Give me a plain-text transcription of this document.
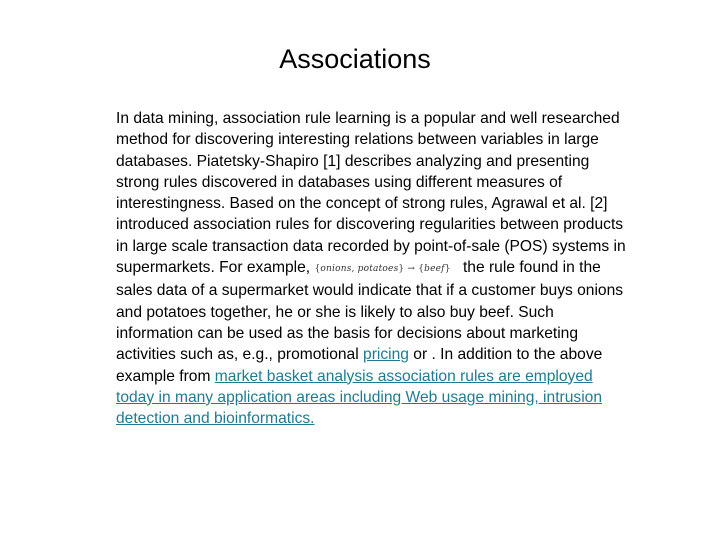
Associations
In data mining, association rule learning is a popular and well researched
method for discovering interesting relations between variables in large
databases. Piatetsky-Shapiro [1] describes analyzing and presenting
strong rules discovered in databases using different measures of
interestingness. Based on the concept of strong rules, Agrawal et al. [2]
introduced association rules for discovering regularities between products
in large scale transaction data recorded by point-of-sale (POS) systems in
supermarkets. For example, {onions, potatoes} → {beef} the rule found in the
sales data of a supermarket would indicate that if a customer buys onions
and potatoes together, he or she is likely to also buy beef. Such
information can be used as the basis for decisions about marketing
activities such as, e.g., promotional pricing or . In addition to the above
example from market basket analysis association rules are employed
today in many application areas including Web usage mining, intrusion
detection and bioinformatics.
